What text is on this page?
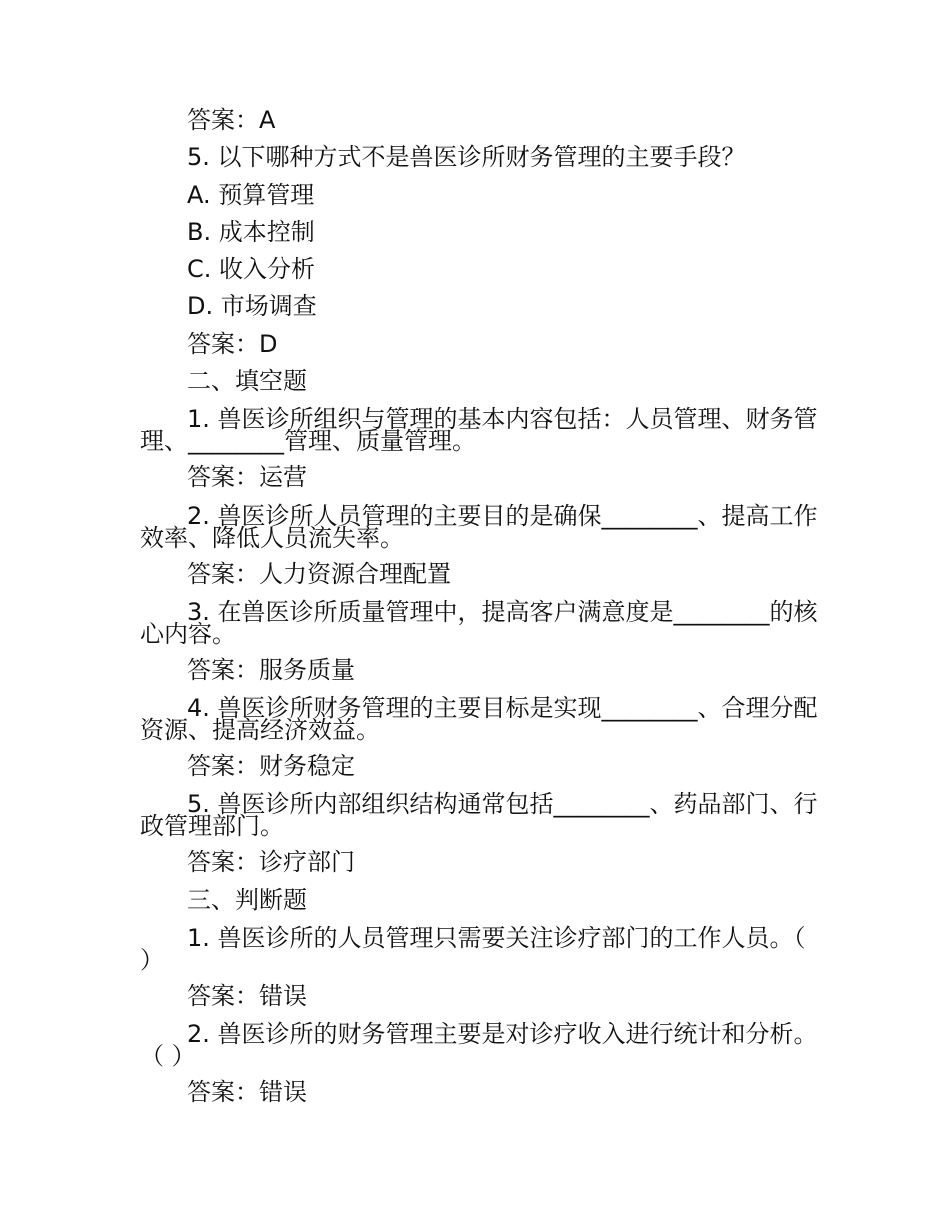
答案：A
5. 以下哪种方式不是兽医诊所财务管理的主要手段？
A. 预算管理
B. 成本控制
C. 收入分析
D. 市场调查
答案：D
二、填空题
1. 兽医诊所组织与管理的基本内容包括：人员管理、财务管理、________管理、质量管理。
答案：运营
2. 兽医诊所人员管理的主要目的是确保________、提高工作效率、降低人员流失率。
答案：人力资源合理配置
3. 在兽医诊所质量管理中，提高客户满意度是________的核心内容。
答案：服务质量
4. 兽医诊所财务管理的主要目标是实现________、合理分配资源、提高经济效益。
答案：财务稳定
5. 兽医诊所内部组织结构通常包括________、药品部门、行政管理部门。
答案：诊疗部门
三、判断题
1. 兽医诊所的人员管理只需要关注诊疗部门的工作人员。（ ）
答案：错误
2. 兽医诊所的财务管理主要是对诊疗收入进行统计和分析。（ ）
答案：错误
